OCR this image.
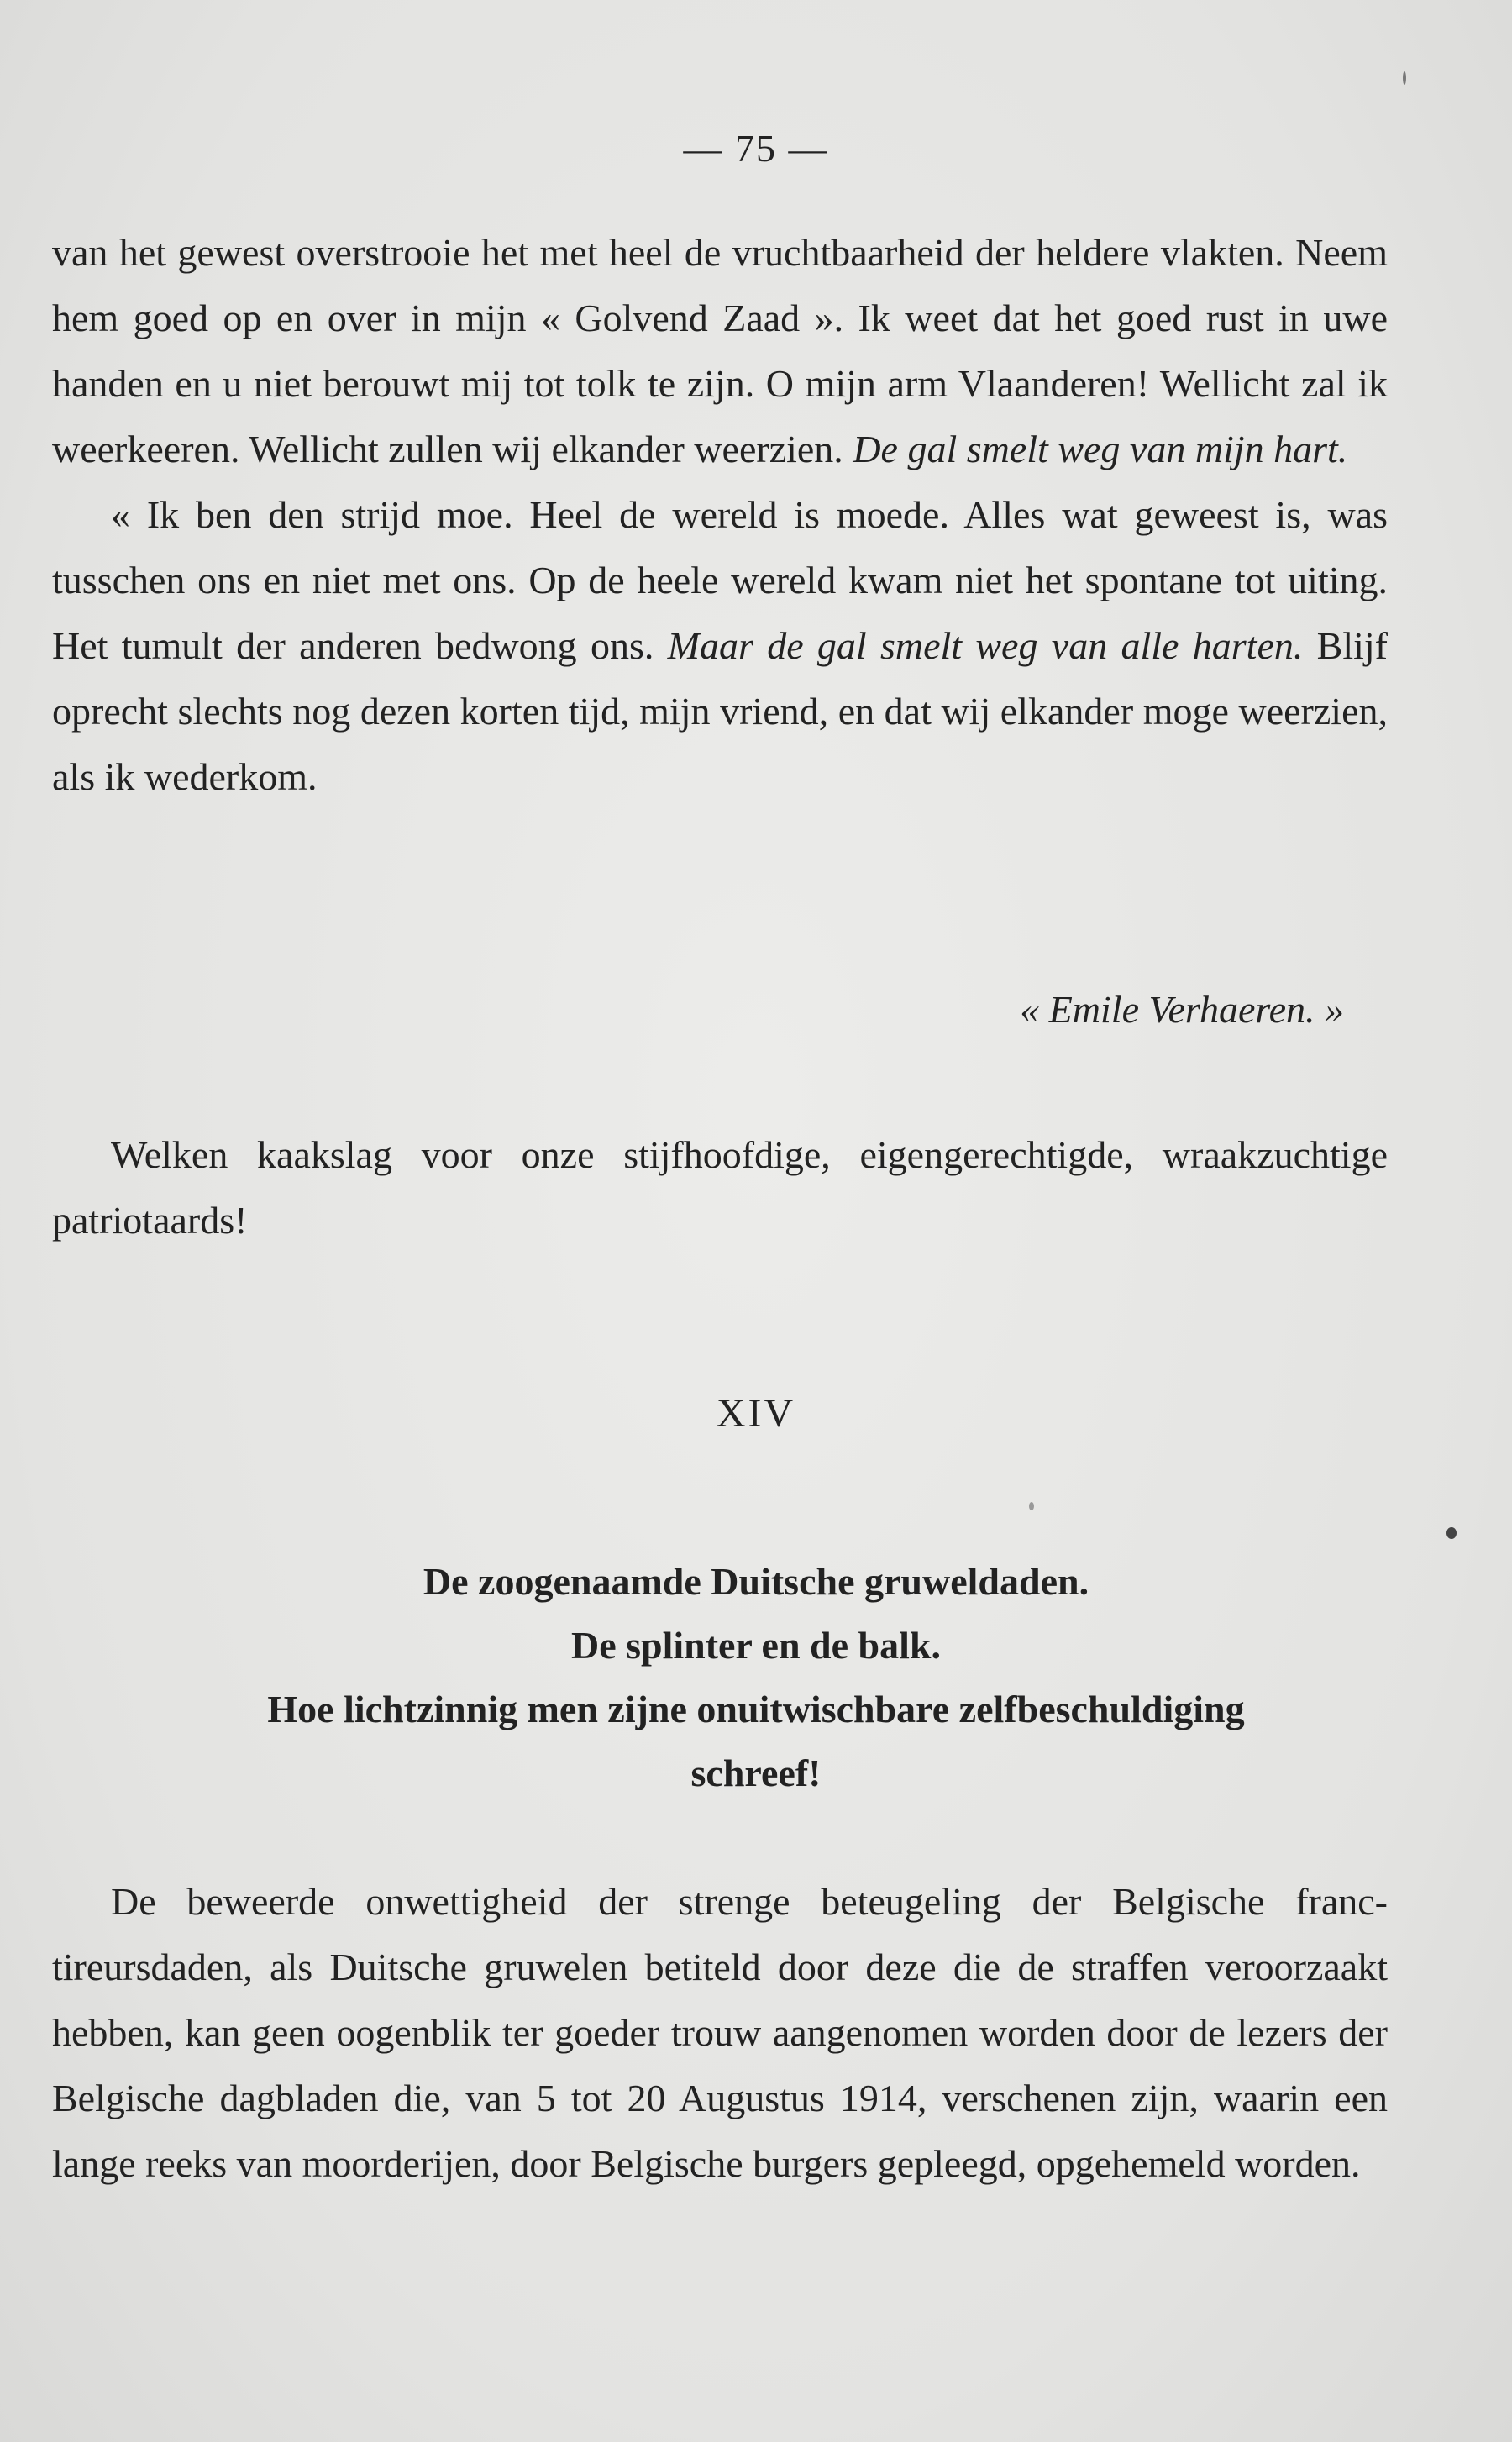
— 75 —

van het gewest overstrooie het met heel de vruchtbaarheid der heldere vlakten. Neem hem goed op en over in mijn « Golvend Zaad ». Ik weet dat het goed rust in uwe handen en u niet berouwt mij tot tolk te zijn. O mijn arm Vlaanderen! Wellicht zal ik weerkeeren. Wellicht zullen wij elkander weerzien. De gal smelt weg van mijn hart.

« Ik ben den strijd moe. Heel de wereld is moede. Alles wat geweest is, was tusschen ons en niet met ons. Op de heele wereld kwam niet het spontane tot uiting. Het tumult der anderen bedwong ons. Maar de gal smelt weg van alle harten. Blijf oprecht slechts nog dezen korten tijd, mijn vriend, en dat wij elkander moge weerzien, als ik wederkom.

« Emile Verhaeren. »

Welken kaakslag voor onze stijfhoofdige, eigengerechtigde, wraakzuchtige patriotaards!

XIV
De zoogenaamde Duitsche gruweldaden.
De splinter en de balk.
Hoe lichtzinnig men zijne onuitwischbare zelfbeschuldiging
schreef!

De beweerde onwettigheid der strenge beteugeling der Belgische franc-tireursdaden, als Duitsche gruwelen betiteld door deze die de straffen veroorzaakt hebben, kan geen oogenblik ter goeder trouw aangenomen worden door de lezers der Belgische dagbladen die, van 5 tot 20 Augustus 1914, verschenen zijn, waarin een lange reeks van moorderijen, door Belgische burgers gepleegd, opgehemeld worden.
